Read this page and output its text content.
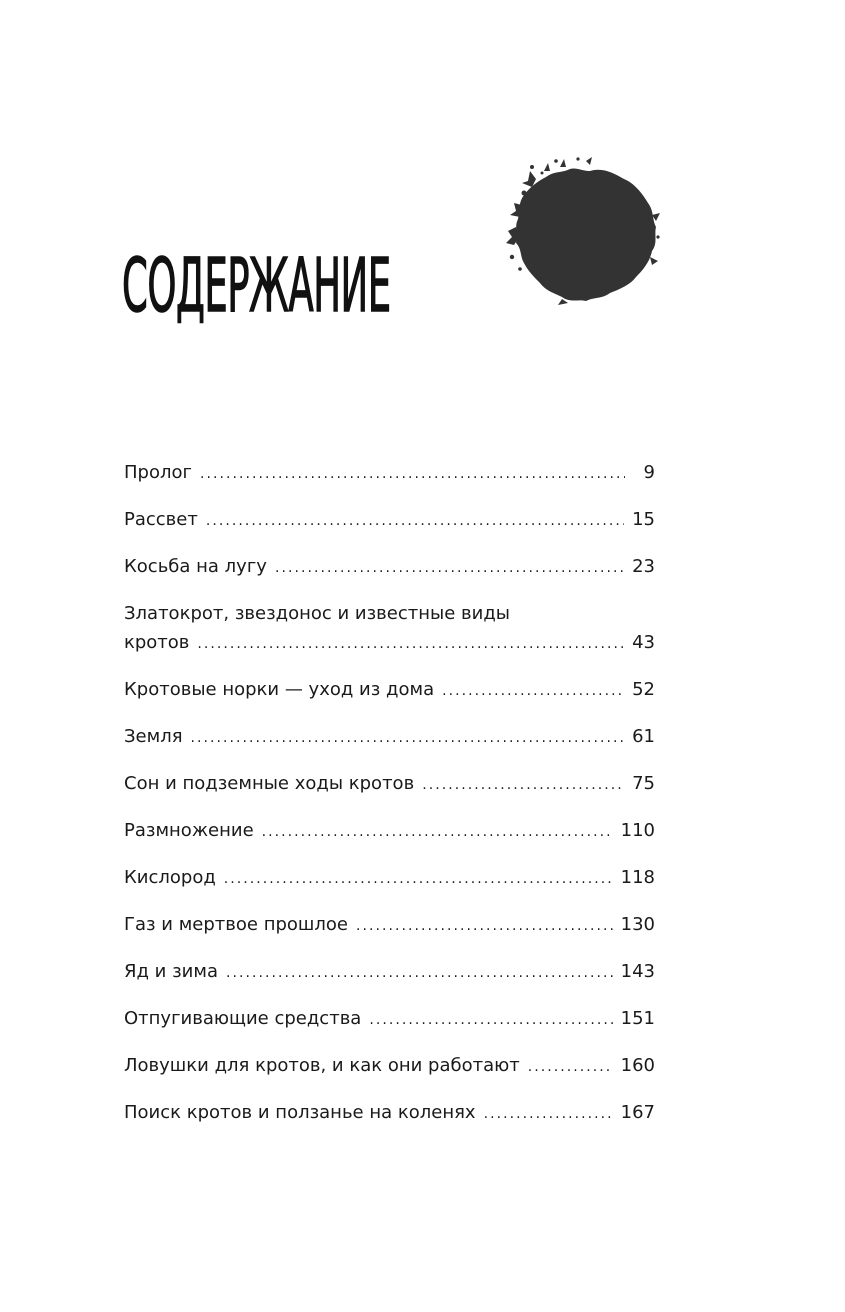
СОДЕРЖАНИЕ
Пролог . . .	9
Рассвет . . .	15
Косьба на лугу . . .	23
Златокрот, звездонос и известные виды
кротов . . .	43
Кротовые норки — уход из дома . . .	52
Земля . . .	61
Сон и подземные ходы кротов . . .	75
Размножение . . .	110
Кислород . . .	118
Газ и мертвое прошлое . . .	130
Яд и зима . . .	143
Отпугивающие средства . . .	151
Ловушки для кротов, и как они работают . . .	160
Поиск кротов и ползанье на коленях . . .	167
